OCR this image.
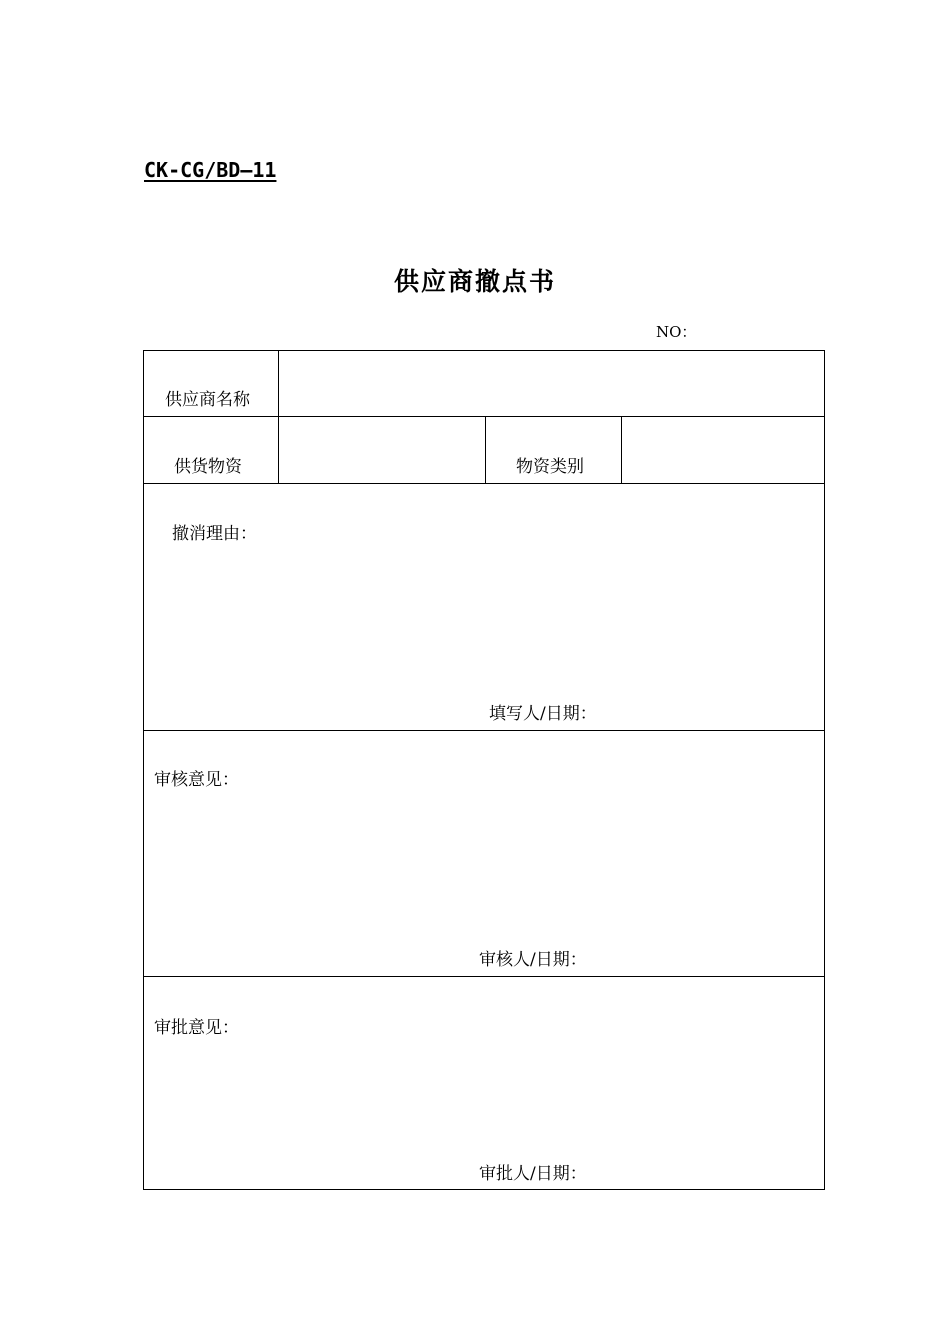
CK-CG/BD—11
供应商撤点书
NO：
供应商名称
供货物资	物资类别
撤消理由：
填写人/日期：
审核意见：
审核人/日期：
审批意见：
审批人/日期：
